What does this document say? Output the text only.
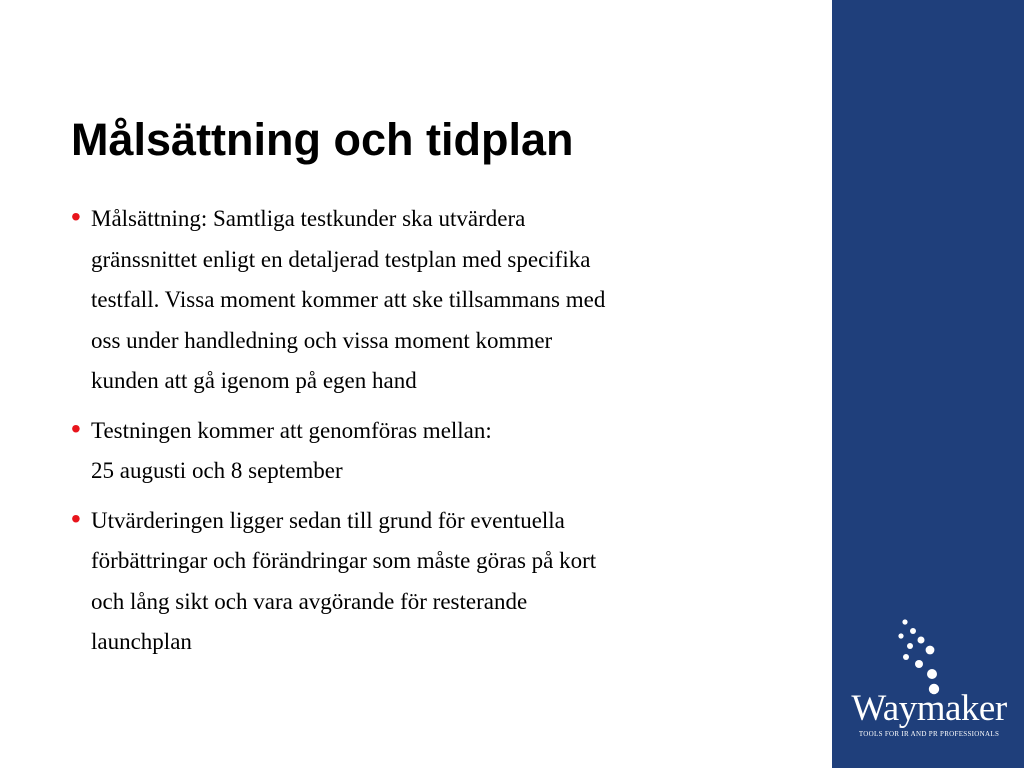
Målsättning och tidplan
• Målsättning: Samtliga testkunder ska utvärdera
gränssnittet enligt en detaljerad testplan med specifika
testfall. Vissa moment kommer att ske tillsammans med
oss under handledning och vissa moment kommer
kunden att gå igenom på egen hand
• Testningen kommer att genomföras mellan:
25 augusti och 8 september
• Utvärderingen ligger sedan till grund för eventuella
förbättringar och förändringar som måste göras på kort
och lång sikt och vara avgörande för resterande
launchplan
Waymaker
TOOLS FOR IR AND PR PROFESSIONALS
